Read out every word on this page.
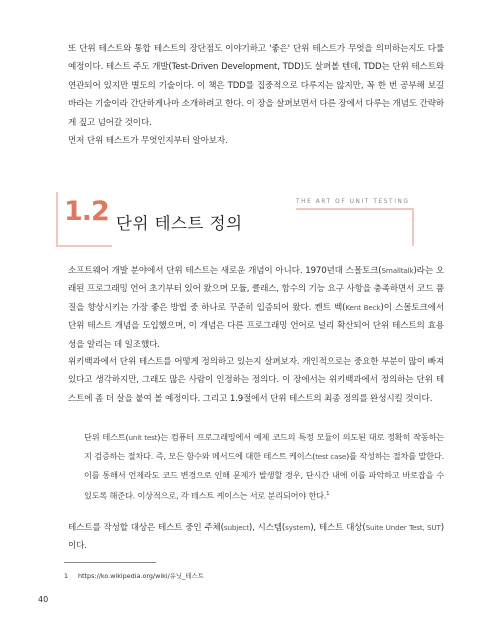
또 단위 테스트와 통합 테스트의 장단점도 이야기하고 '좋은' 단위 테스트가 무엇을 의미하는지도 다룰 예정이다. 테스트 주도 개발(Test-Driven Development, TDD)도 살펴볼 텐데, TDD는 단위 테스트와 연관되어 있지만 별도의 기술이다. 이 책은 TDD를 집중적으로 다루지는 않지만, 꼭 한 번 공부해 보길 바라는 기술이라 간단하게나마 소개하려고 한다. 이 장을 살펴보면서 다른 장에서 다루는 개념도 간략하게 짚고 넘어갈 것이다.

먼저 단위 테스트가 무엇인지부터 알아보자.

1.2 단위 테스트 정의
THE ART OF UNIT TESTING

소프트웨어 개발 분야에서 단위 테스트는 새로운 개념이 아니다. 1970년대 스몰토크(Smalltalk)라는 오래된 프로그래밍 언어 초기부터 있어 왔으며 모듈, 클래스, 함수의 기능 요구 사항을 충족하면서 코드 품질을 향상시키는 가장 좋은 방법 중 하나로 꾸준히 입증되어 왔다. 켄트 벡(Kent Beck)이 스몰토크에서 단위 테스트 개념을 도입했으며, 이 개념은 다른 프로그래밍 언어로 널리 확산되어 단위 테스트의 효용성을 알리는 데 일조했다.

위키백과에서 단위 테스트를 어떻게 정의하고 있는지 살펴보자. 개인적으로는 중요한 부분이 많이 빠져 있다고 생각하지만, 그래도 많은 사람이 인정하는 정의다. 이 장에서는 위키백과에서 정의하는 단위 테스트에 좀 더 살을 붙여 볼 예정이다. 그리고 1.9절에서 단위 테스트의 최종 정의를 완성시킬 것이다.

단위 테스트(unit test)는 컴퓨터 프로그래밍에서 예제 코드의 특정 모듈이 의도된 대로 정확히 작동하는지 검증하는 절차다. 즉, 모든 함수와 메서드에 대한 테스트 케이스(test case)를 작성하는 절차를 말한다. 이를 통해서 언제라도 코드 변경으로 인해 문제가 발생할 경우, 단시간 내에 이를 파악하고 바로잡을 수 있도록 해준다. 이상적으로, 각 테스트 케이스는 서로 분리되어야 한다.$^1$

테스트를 작성할 대상은 테스트 중인 주체(subject), 시스템(system), 테스트 대상(Suite Under Test, SUT)이다.

1 https://ko.wikipedia.org/wiki/유닛_테스트
40
